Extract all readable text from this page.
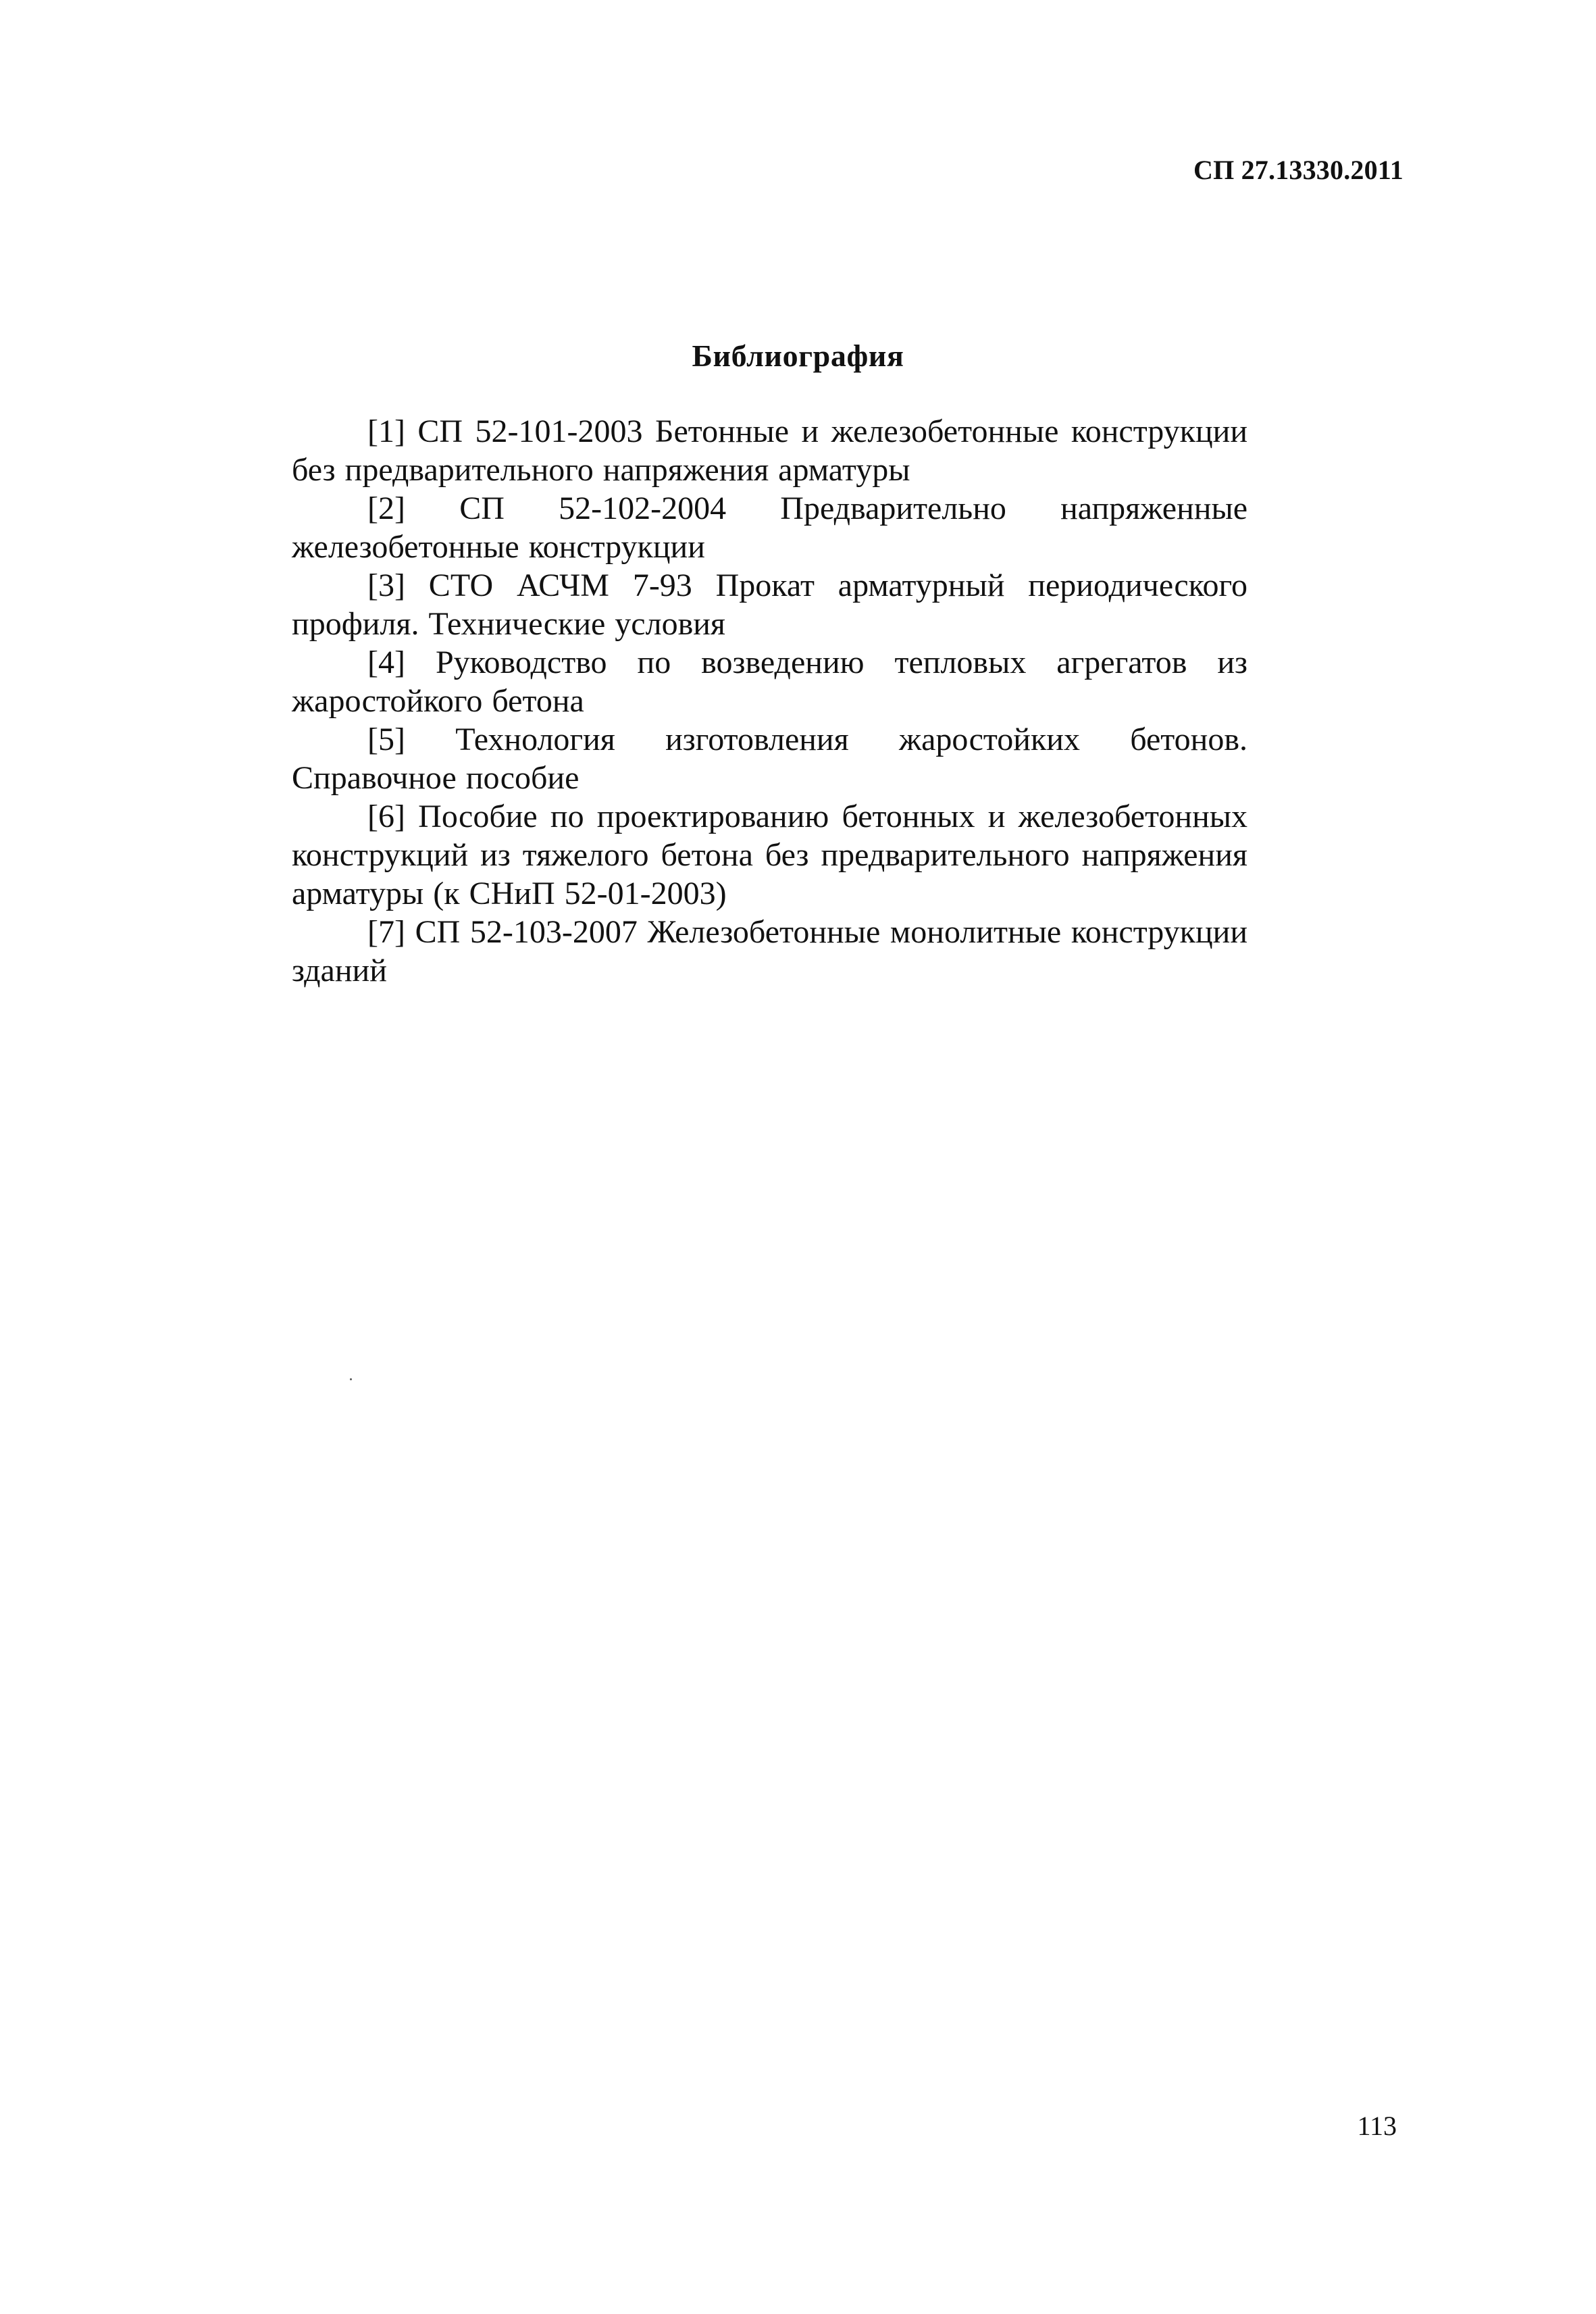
СП 27.13330.2011
Библиография
[1] СП 52-101-2003 Бетонные и железобетонные конструкции без предварительного напряжения арматуры
[2] СП 52-102-2004 Предварительно напряженные железобетонные конструкции
[3] СТО АСЧМ 7-93 Прокат арматурный периодического профиля. Технические условия
[4] Руководство по возведению тепловых агрегатов из жаростойкого бетона
[5] Технология изготовления жаростойких бетонов. Справочное пособие
[6] Пособие по проектированию бетонных и железобетонных конструкций из тяжелого бетона без предварительного напряжения арматуры (к СНиП 52-01-2003)
[7] СП 52-103-2007 Железобетонные монолитные конструкции зданий
113
